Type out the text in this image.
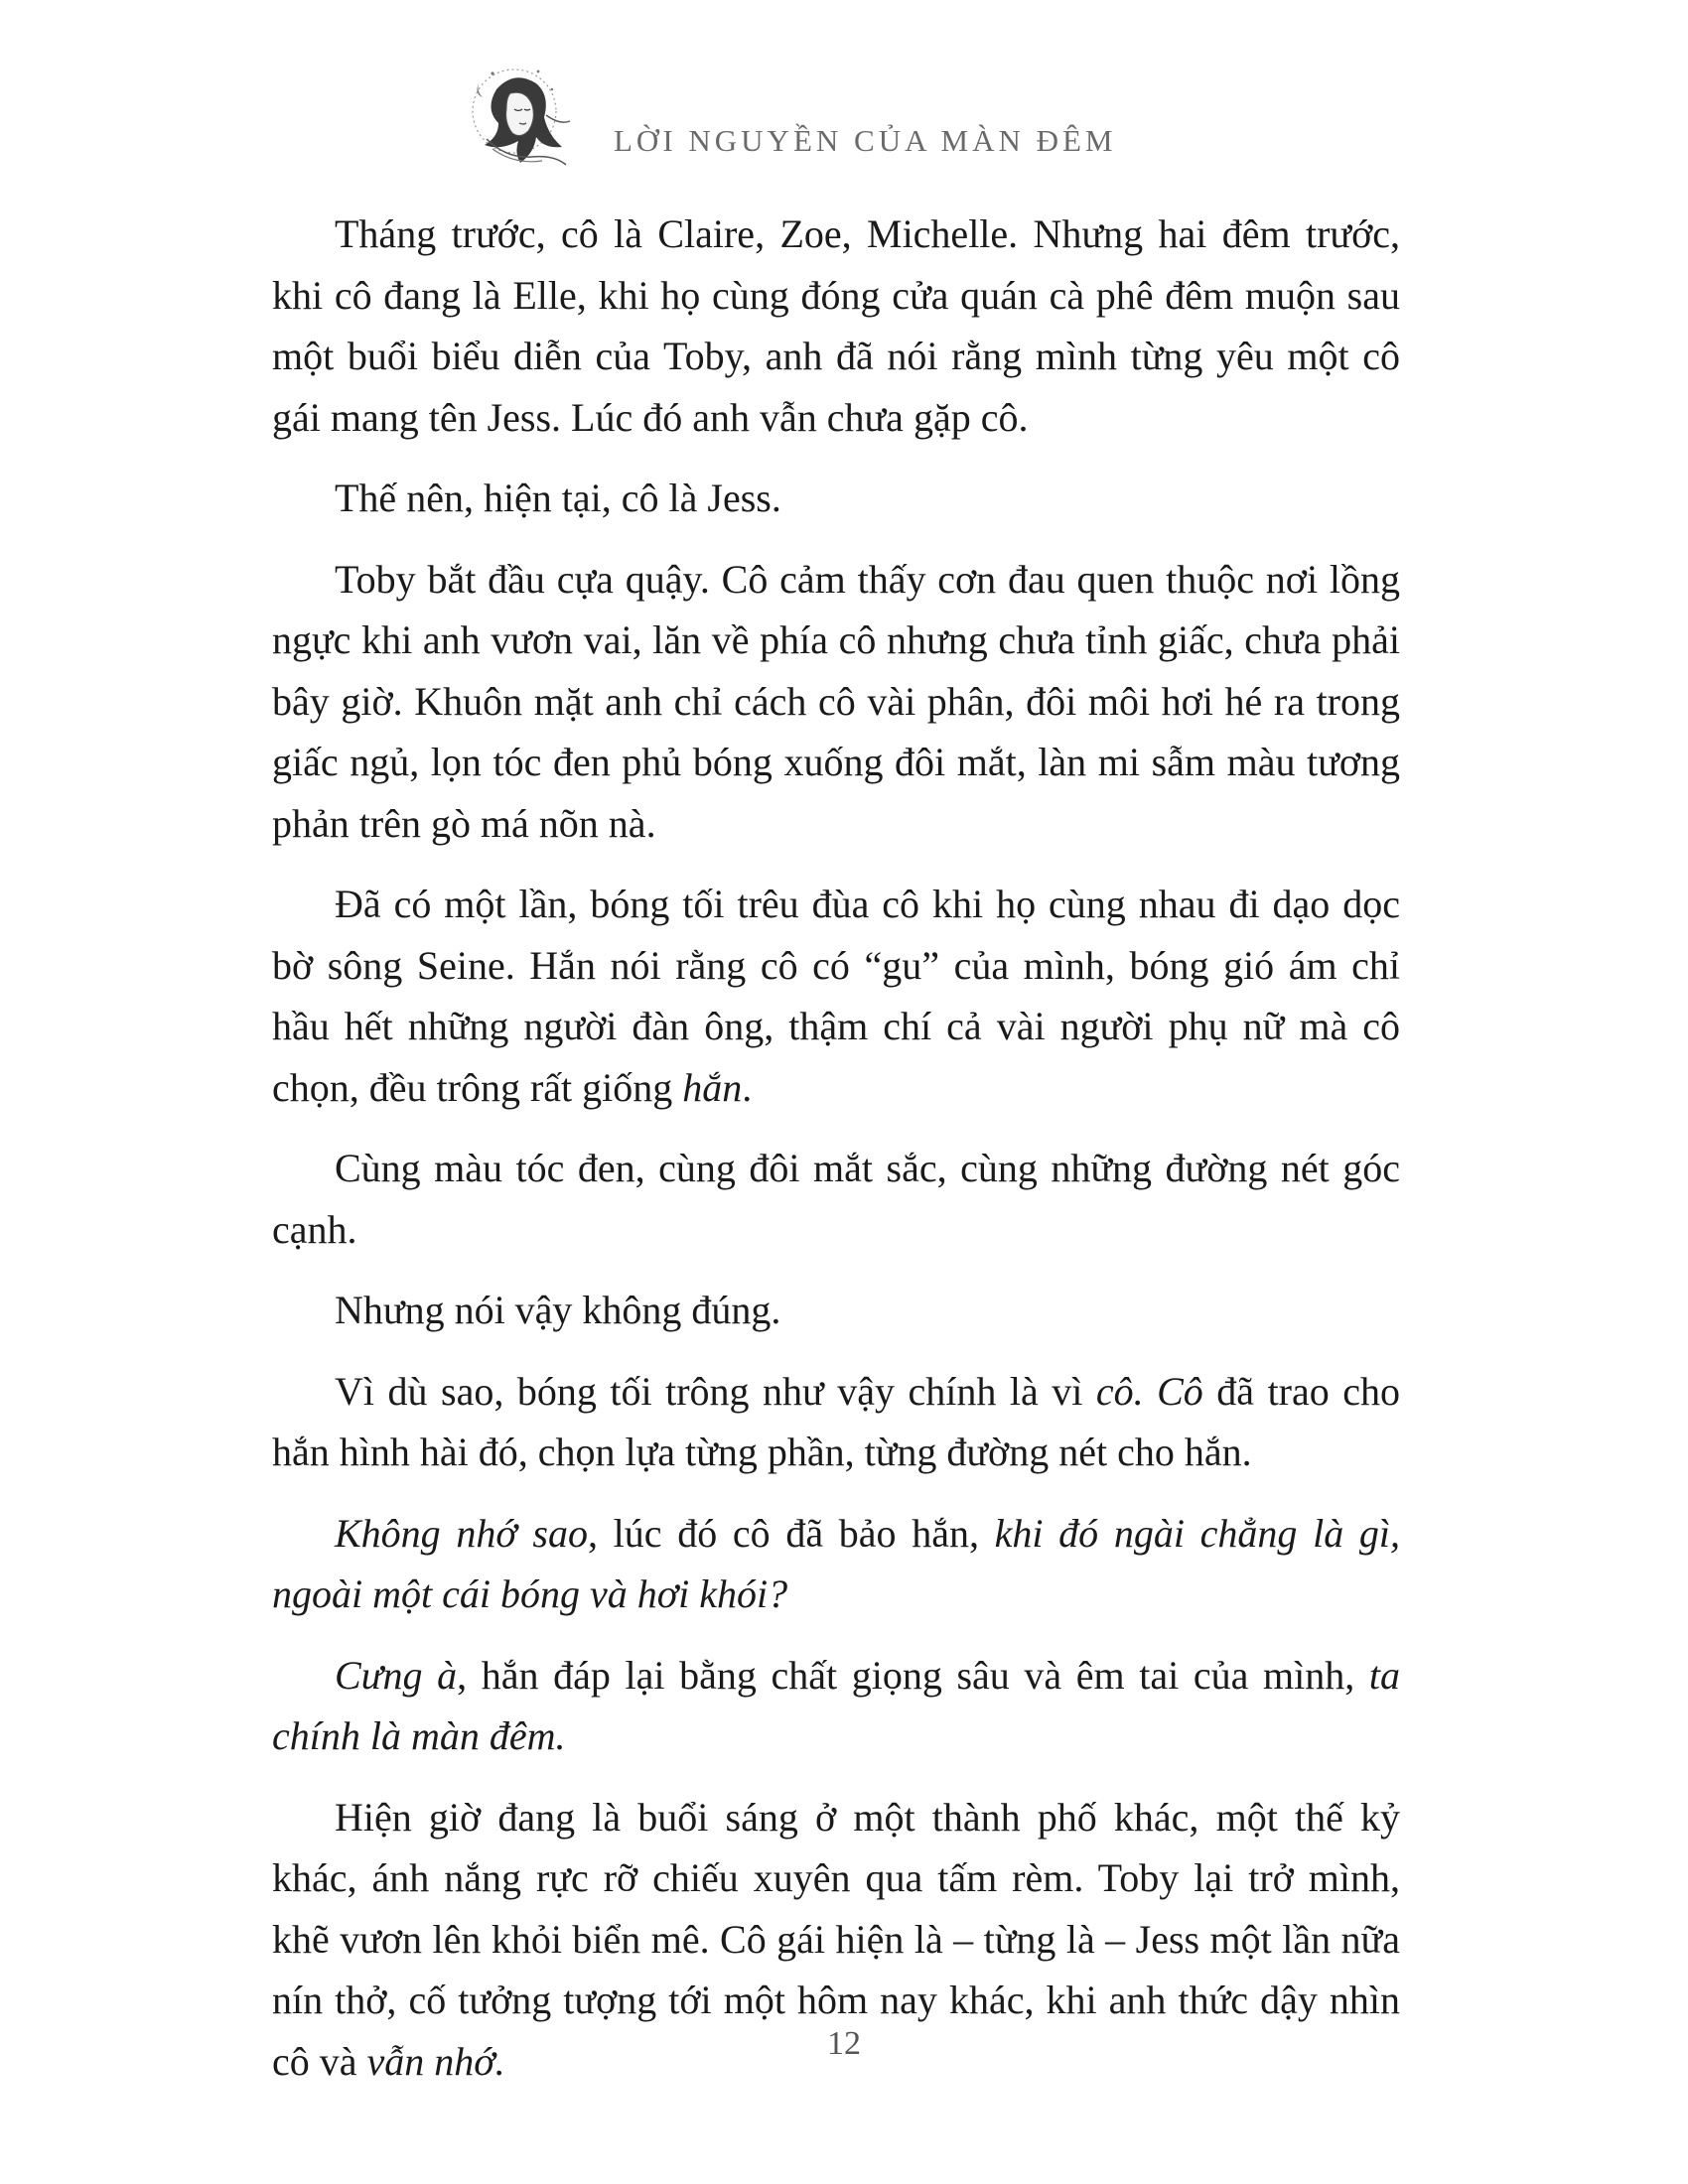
LỜI NGUYỀN CỦA MÀN ĐÊM

Tháng trước, cô là Claire, Zoe, Michelle. Nhưng hai đêm trước, khi cô đang là Elle, khi họ cùng đóng cửa quán cà phê đêm muộn sau một buổi biểu diễn của Toby, anh đã nói rằng mình từng yêu một cô gái mang tên Jess. Lúc đó anh vẫn chưa gặp cô.

Thế nên, hiện tại, cô là Jess.

Toby bắt đầu cựa quậy. Cô cảm thấy cơn đau quen thuộc nơi lồng ngực khi anh vươn vai, lăn về phía cô nhưng chưa tỉnh giấc, chưa phải bây giờ. Khuôn mặt anh chỉ cách cô vài phân, đôi môi hơi hé ra trong giấc ngủ, lọn tóc đen phủ bóng xuống đôi mắt, làn mi sẫm màu tương phản trên gò má nõn nà.

Đã có một lần, bóng tối trêu đùa cô khi họ cùng nhau đi dạo dọc bờ sông Seine. Hắn nói rằng cô có “gu” của mình, bóng gió ám chỉ hầu hết những người đàn ông, thậm chí cả vài người phụ nữ mà cô chọn, đều trông rất giống hắn.

Cùng màu tóc đen, cùng đôi mắt sắc, cùng những đường nét góc cạnh.

Nhưng nói vậy không đúng.

Vì dù sao, bóng tối trông như vậy chính là vì cô. Cô đã trao cho hắn hình hài đó, chọn lựa từng phần, từng đường nét cho hắn.

Không nhớ sao, lúc đó cô đã bảo hắn, khi đó ngài chẳng là gì, ngoài một cái bóng và hơi khói?

Cưng à, hắn đáp lại bằng chất giọng sâu và êm tai của mình, ta chính là màn đêm.

Hiện giờ đang là buổi sáng ở một thành phố khác, một thế kỷ khác, ánh nắng rực rỡ chiếu xuyên qua tấm rèm. Toby lại trở mình, khẽ vươn lên khỏi biển mê. Cô gái hiện là – từng là – Jess một lần nữa nín thở, cố tưởng tượng tới một hôm nay khác, khi anh thức dậy nhìn cô và vẫn nhớ.	12
